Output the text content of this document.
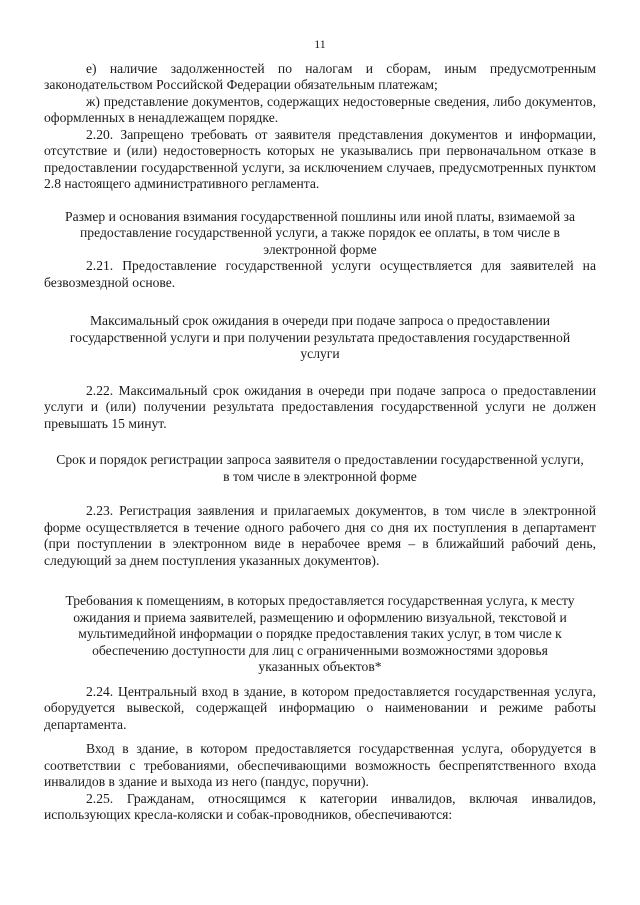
11

е) наличие задолженностей по налогам и сборам, иным предусмотренным законодательством Российской Федерации обязательным платежам;

ж) представление документов, содержащих недостоверные сведения, либо документов, оформленных в ненадлежащем порядке.

2.20. Запрещено требовать от заявителя представления документов и информации, отсутствие и (или) недостоверность которых не указывались при первоначальном отказе в предоставлении государственной услуги, за исключением случаев, предусмотренных пунктом 2.8 настоящего административного регламента.

Размер и основания взимания государственной пошлины или иной платы, взимаемой за предоставление государственной услуги, а также порядок ее оплаты, в том числе в электронной форме

2.21. Предоставление государственной услуги осуществляется для заявителей на безвозмездной основе.

Максимальный срок ожидания в очереди при подаче запроса о предоставлении государственной услуги и при получении результата предоставления государственной услуги

2.22. Максимальный срок ожидания в очереди при подаче запроса о предоставлении услуги и (или) получении результата предоставления государственной услуги не должен превышать 15 минут.

Срок и порядок регистрации запроса заявителя о предоставлении государственной услуги, в том числе в электронной форме

2.23. Регистрация заявления и прилагаемых документов, в том числе в электронной форме осуществляется в течение одного рабочего дня со дня их поступления в департамент (при поступлении в электронном виде в нерабочее время – в ближайший рабочий день, следующий за днем поступления указанных документов).

Требования к помещениям, в которых предоставляется государственная услуга, к месту ожидания и приема заявителей, размещению и оформлению визуальной, текстовой и мультимедийной информации о порядке предоставления таких услуг, в том числе к обеспечению доступности для лиц с ограниченными возможностями здоровья указанных объектов*

2.24. Центральный вход в здание, в котором предоставляется государственная услуга, оборудуется вывеской, содержащей информацию о наименовании и режиме работы департамента.

Вход в здание, в котором предоставляется государственная услуга, оборудуется в соответствии с требованиями, обеспечивающими возможность беспрепятственного входа инвалидов в здание и выхода из него (пандус, поручни).

2.25. Гражданам, относящимся к категории инвалидов, включая инвалидов, использующих кресла-коляски и собак-проводников, обеспечиваются:
